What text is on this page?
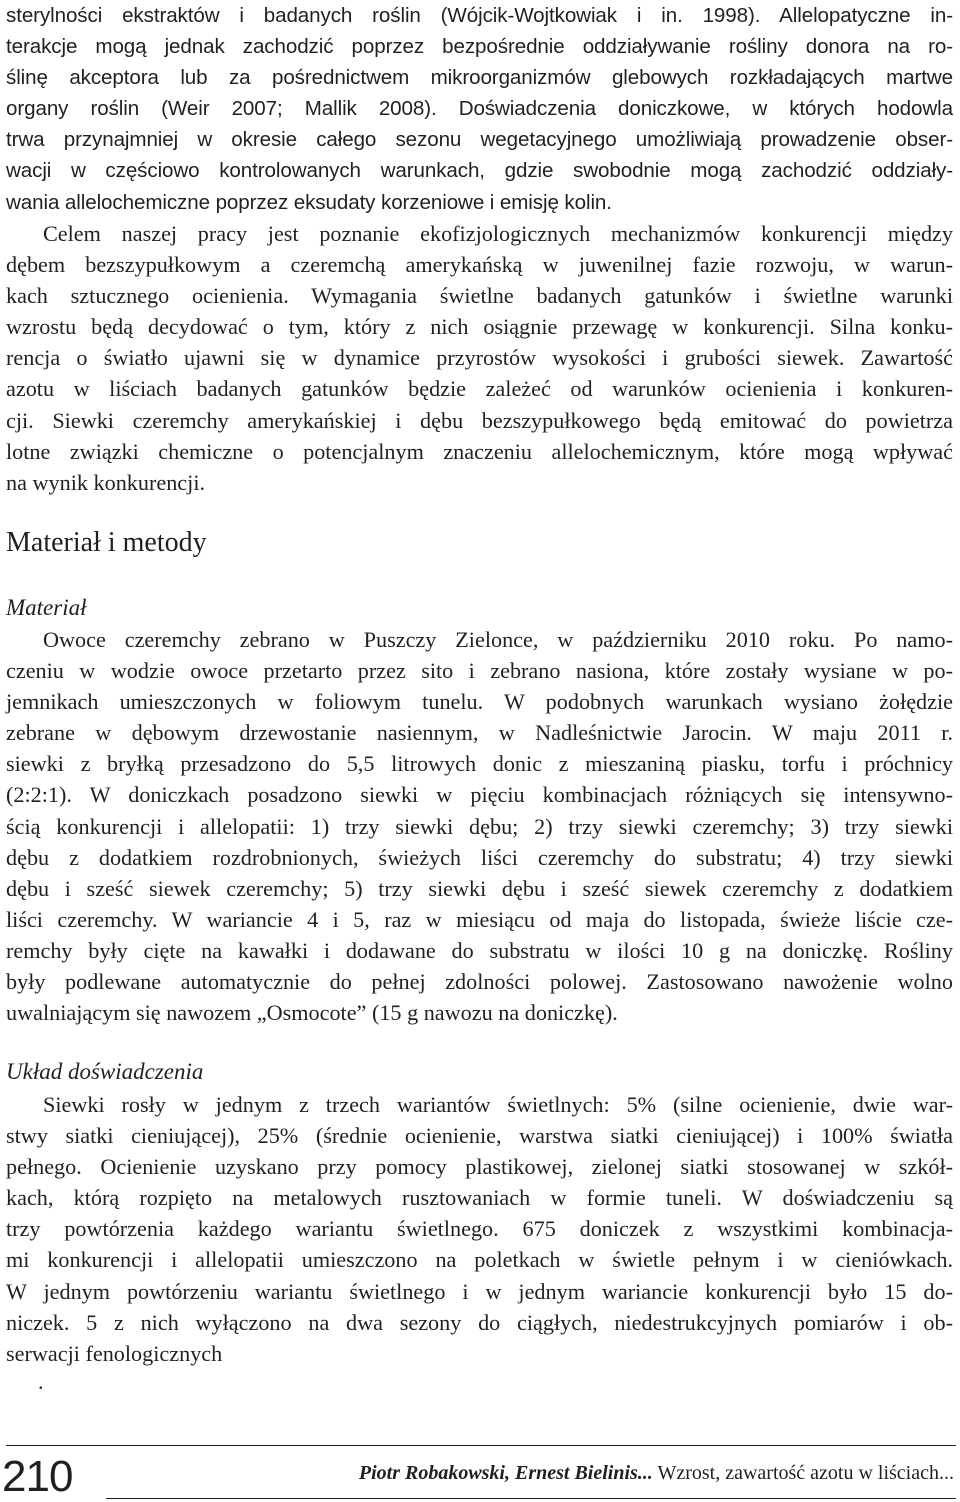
sterylności ekstraktów i badanych roślin (Wójcik-Wojtkowiak i in. 1998). Allelopatyczne in-
terakcje mogą jednak zachodzić poprzez bezpośrednie oddziaływanie rośliny donora na ro-
ślinę akceptora lub za pośrednictwem mikroorganizmów glebowych rozkładających martwe
organy roślin (Weir 2007; Mallik 2008). Doświadczenia doniczkowe, w których hodowla
trwa przynajmniej w okresie całego sezonu wegetacyjnego umożliwiają prowadzenie obser-
wacji w częściowo kontrolowanych warunkach, gdzie swobodnie mogą zachodzić oddziały-
wania allelochemiczne poprzez eksudaty korzeniowe i emisję kolin.
Celem naszej pracy jest poznanie ekofizjologicznych mechanizmów konkurencji między
dębem bezszypułkowym a czeremchą amerykańską w juwenilnej fazie rozwoju, w warun-
kach sztucznego ocienienia. Wymagania świetlne badanych gatunków i świetlne warunki
wzrostu będą decydować o tym, który z nich osiągnie przewagę w konkurencji. Silna konku-
rencja o światło ujawni się w dynamice przyrostów wysokości i grubości siewek. Zawartość
azotu w liściach badanych gatunków będzie zależeć od warunków ocienienia i konkuren-
cji. Siewki czeremchy amerykańskiej i dębu bezszypułkowego będą emitować do powietrza
lotne związki chemiczne o potencjalnym znaczeniu allelochemicznym, które mogą wpływać
na wynik konkurencji.
Materiał i metody
Materiał
Owoce czeremchy zebrano w Puszczy Zielonce, w październiku 2010 roku. Po namo-
czeniu w wodzie owoce przetarto przez sito i zebrano nasiona, które zostały wysiane w po-
jemnikach umieszczonych w foliowym tunelu. W podobnych warunkach wysiano żołędzie
zebrane w dębowym drzewostanie nasiennym, w Nadleśnictwie Jarocin. W maju 2011 r.
siewki z bryłką przesadzono do 5,5 litrowych donic z mieszaniną piasku, torfu i próchnicy
(2:2:1). W doniczkach posadzono siewki w pięciu kombinacjach różniących się intensywno-
ścią konkurencji i allelopatii: 1) trzy siewki dębu; 2) trzy siewki czeremchy; 3) trzy siewki
dębu z dodatkiem rozdrobnionych, świeżych liści czeremchy do substratu; 4) trzy siewki
dębu i sześć siewek czeremchy; 5) trzy siewki dębu i sześć siewek czeremchy z dodatkiem
liści czeremchy. W wariancie 4 i 5, raz w miesiącu od maja do listopada, świeże liście cze-
remchy były cięte na kawałki i dodawane do substratu w ilości 10 g na doniczkę. Rośliny
były podlewane automatycznie do pełnej zdolności polowej. Zastosowano nawożenie wolno
uwalniającym się nawozem „Osmocote” (15 g nawozu na doniczkę).
Układ doświadczenia
Siewki rosły w jednym z trzech wariantów świetlnych: 5% (silne ocienienie, dwie war-
stwy siatki cieniującej), 25% (średnie ocienienie, warstwa siatki cieniującej) i 100% światła
pełnego. Ocienienie uzyskano przy pomocy plastikowej, zielonej siatki stosowanej w szkół-
kach, którą rozpięto na metalowych rusztowaniach w formie tuneli. W doświadczeniu są
trzy powtórzenia każdego wariantu świetlnego. 675 doniczek z wszystkimi kombinacja-
mi konkurencji i allelopatii umieszczono na poletkach w świetle pełnym i w cieniówkach.
W jednym powtórzeniu wariantu świetlnego i w jednym wariancie konkurencji było 15 do-
niczek. 5 z nich wyłączono na dwa sezony do ciągłych, niedestrukcyjnych pomiarów i ob-
serwacji fenologicznych
.
210	Piotr Robakowski, Ernest Bielinis... Wzrost, zawartość azotu w liściach...
